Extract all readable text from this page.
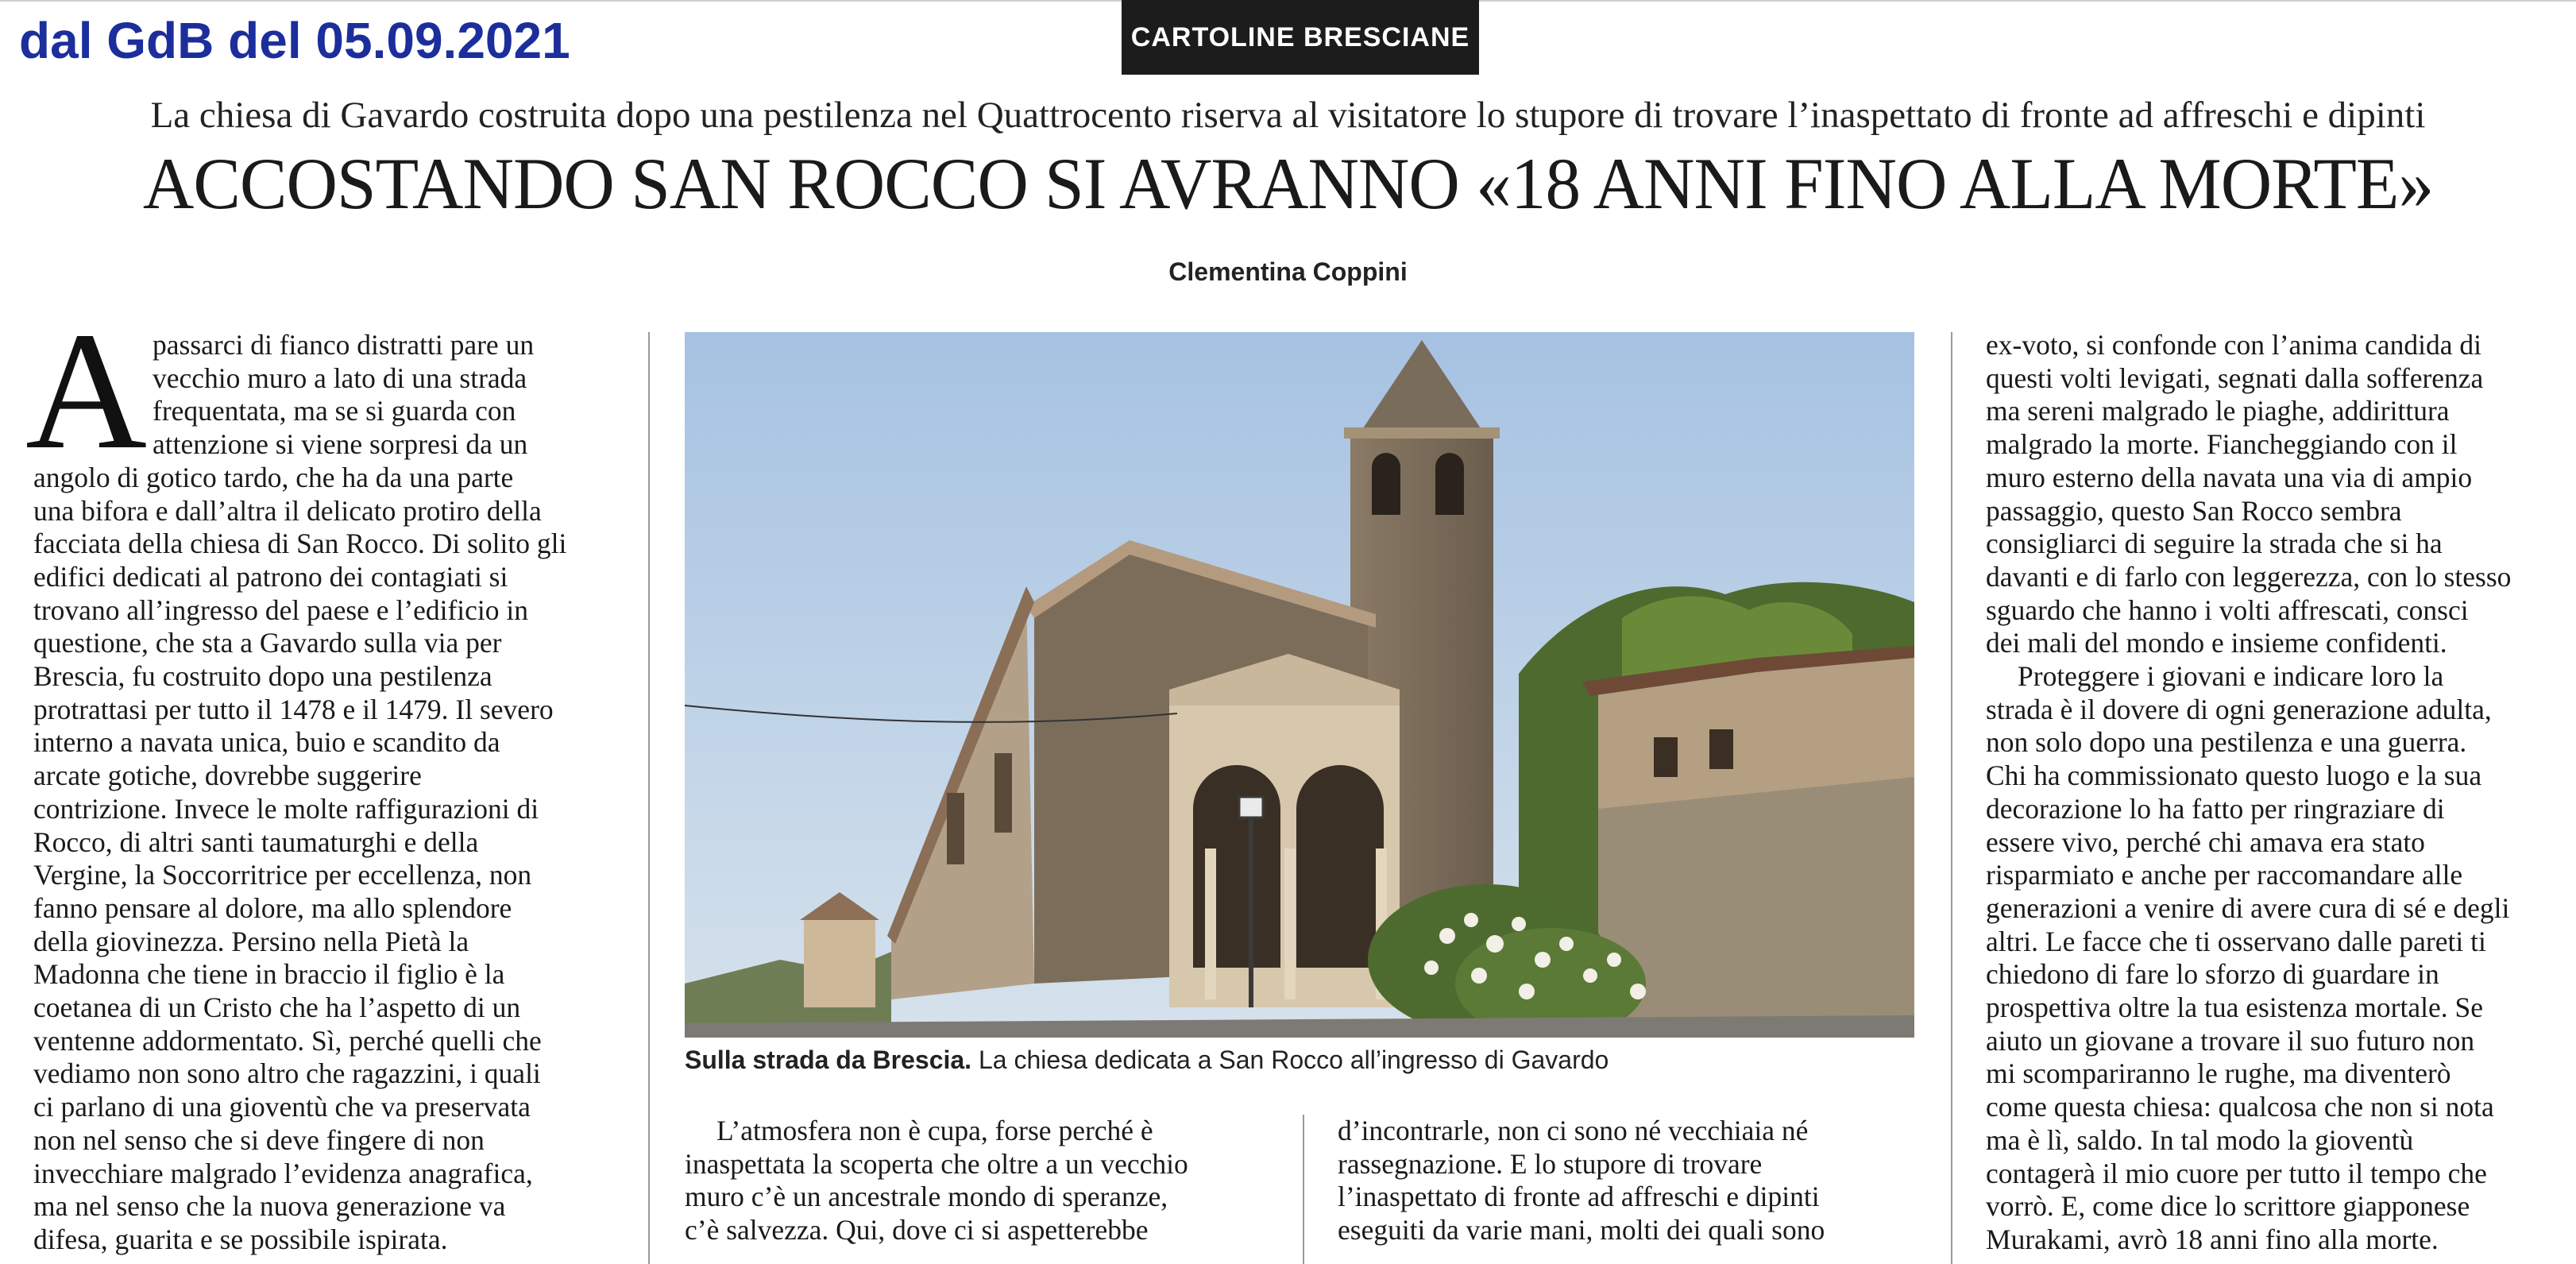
dal GdB del 05.09.2021	CARTOLINE BRESCIANE
La chiesa di Gavardo costruita dopo una pestilenza nel Quattrocento riserva al visitatore lo stupore di trovare l’inaspettato di fronte ad affreschi e dipinti
ACCOSTANDO SAN ROCCO SI AVRANNO «18 ANNI FINO ALLA MORTE»
Clementina Coppini
A passarci di fianco distratti pare un
vecchio muro a lato di una strada
frequentata, ma se si guarda con
attenzione si viene sorpresi da un
angolo di gotico tardo, che ha da una parte
una bifora e dall’altra il delicato protiro della
facciata della chiesa di San Rocco. Di solito gli
edifici dedicati al patrono dei contagiati si
trovano all’ingresso del paese e l’edificio in
questione, che sta a Gavardo sulla via per
Brescia, fu costruito dopo una pestilenza
protrattasi per tutto il 1478 e il 1479. Il severo
interno a navata unica, buio e scandito da
arcate gotiche, dovrebbe suggerire
contrizione. Invece le molte raffigurazioni di
Rocco, di altri santi taumaturghi e della
Vergine, la Soccorritrice per eccellenza, non
fanno pensare al dolore, ma allo splendore
della giovinezza. Persino nella Pietà la
Madonna che tiene in braccio il figlio è la
coetanea di un Cristo che ha l’aspetto di un
ventenne addormentato. Sì, perché quelli che
vediamo non sono altro che ragazzini, i quali
ci parlano di una gioventù che va preservata
non nel senso che si deve fingere di non
invecchiare malgrado l’evidenza anagrafica,
ma nel senso che la nuova generazione va
difesa, guarita e se possibile ispirata.
Sulla strada da Brescia. La chiesa dedicata a San Rocco all’ingresso di Gavardo
L’atmosfera non è cupa, forse perché è
inaspettata la scoperta che oltre a un vecchio
muro c’è un ancestrale mondo di speranze,
c’è salvezza. Qui, dove ci si aspetterebbe
d’incontrarle, non ci sono né vecchiaia né
rassegnazione. E lo stupore di trovare
l’inaspettato di fronte ad affreschi e dipinti
eseguiti da varie mani, molti dei quali sono
ex-voto, si confonde con l’anima candida di
questi volti levigati, segnati dalla sofferenza
ma sereni malgrado le piaghe, addirittura
malgrado la morte. Fiancheggiando con il
muro esterno della navata una via di ampio
passaggio, questo San Rocco sembra
consigliarci di seguire la strada che si ha
davanti e di farlo con leggerezza, con lo stesso
sguardo che hanno i volti affrescati, consci
dei mali del mondo e insieme confidenti.
Proteggere i giovani e indicare loro la
strada è il dovere di ogni generazione adulta,
non solo dopo una pestilenza e una guerra.
Chi ha commissionato questo luogo e la sua
decorazione lo ha fatto per ringraziare di
essere vivo, perché chi amava era stato
risparmiato e anche per raccomandare alle
generazioni a venire di avere cura di sé e degli
altri. Le facce che ti osservano dalle pareti ti
chiedono di fare lo sforzo di guardare in
prospettiva oltre la tua esistenza mortale. Se
aiuto un giovane a trovare il suo futuro non
mi scompariranno le rughe, ma diventerò
come questa chiesa: qualcosa che non si nota
ma è lì, saldo. In tal modo la gioventù
contagerà il mio cuore per tutto il tempo che
vorrò. E, come dice lo scrittore giapponese
Murakami, avrò 18 anni fino alla morte.
